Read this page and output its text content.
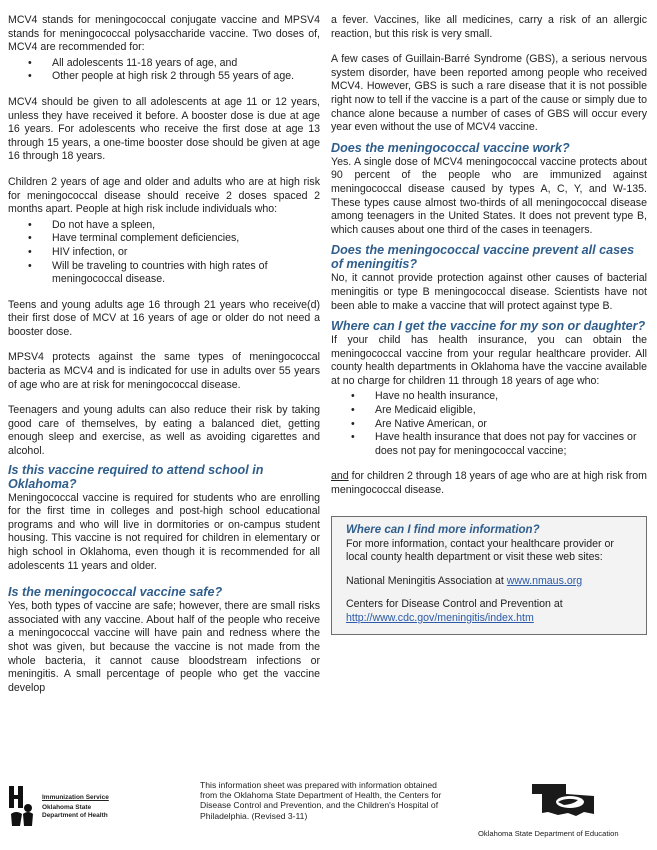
MCV4 stands for meningococcal conjugate vaccine and MPSV4 stands for meningococcal polysaccharide vaccine. Two doses of, MCV4 are recommended for:

• All adolescents 11-18 years of age, and
• Other people at high risk 2 through 55 years of age.

MCV4 should be given to all adolescents at age 11 or 12 years, unless they have received it before. A booster dose is due at age 16 years. For adolescents who receive the first dose at age 13 through 15 years, a one-time booster dose should be given at age 16 through 18 years.

Children 2 years of age and older and adults who are at high risk for meningococcal disease should receive 2 doses spaced 2 months apart. People at high risk include individuals who:

• Do not have a spleen,
• Have terminal complement deficiencies,
• HIV infection, or
• Will be traveling to countries with high rates of meningococcal disease.

Teens and young adults age 16 through 21 years who receive(d) their first dose of MCV at 16 years of age or older do not need a booster dose.

MPSV4 protects against the same types of meningococcal bacteria as MCV4 and is indicated for use in adults over 55 years of age who are at risk for meningococcal disease.

Teenagers and young adults can also reduce their risk by taking good care of themselves, by eating a balanced diet, getting enough sleep and exercise, as well as avoiding cigarettes and alcohol.

Is this vaccine required to attend school in Oklahoma?

Meningococcal vaccine is required for students who are enrolling for the first time in colleges and post-high school educational programs and who will live in dormitories or on-campus student housing. This vaccine is not required for children in elementary or high school in Oklahoma, even though it is recommended for all adolescents 11 years and older.

Is the meningococcal vaccine safe?

Yes, both types of vaccine are safe; however, there are small risks associated with any vaccine. About half of the people who receive a meningococcal vaccine will have pain and redness where the shot was given, but because the vaccine is not made from the whole bacteria, it cannot cause bloodstream infections or meningitis. A small percentage of people who get the vaccine develop

a fever. Vaccines, like all medicines, carry a risk of an allergic reaction, but this risk is very small.

A few cases of Guillain-Barré Syndrome (GBS), a serious nervous system disorder, have been reported among people who received MCV4. However, GBS is such a rare disease that it is not possible right now to tell if the vaccine is a part of the cause or simply due to chance alone because a number of cases of GBS will occur every year even without the use of MCV4 vaccine.

Does the meningococcal vaccine work?

Yes. A single dose of MCV4 meningococcal vaccine protects about 90 percent of the people who are immunized against meningococcal disease caused by types A, C, Y, and W-135. These types cause almost two-thirds of all meningococcal disease among teenagers in the United States. It does not prevent type B, which causes about one third of the cases in teenagers.

Does the meningococcal vaccine prevent all cases of meningitis?

No, it cannot provide protection against other causes of bacterial meningitis or type B meningococcal disease. Scientists have not been able to make a vaccine that will protect against type B.

Where can I get the vaccine for my son or daughter?

If your child has health insurance, you can obtain the meningococcal vaccine from your regular healthcare provider. All county health departments in Oklahoma have the vaccine available at no charge for children 11 through 18 years of age who:

• Have no health insurance,
• Are Medicaid eligible,
• Are Native American, or
• Have health insurance that does not pay for vaccines or does not pay for meningococcal vaccine;

and for children 2 through 18 years of age who are at high risk from meningococcal disease.

Where can I find more information?

For more information, contact your healthcare provider or local county health department or visit these web sites:

National Meningitis Association at www.nmaus.org

Centers for Disease Control and Prevention at
http://www.cdc.gov/meningitis/index.htm

Immunization Service
Oklahoma State
Department of Health
This information sheet was prepared with information obtained from the Oklahoma State Department of Health, the Centers for Disease Control and Prevention, and the Children's Hospital of Philadelphia. (Revised 3-11)
Oklahoma State Department of Education
